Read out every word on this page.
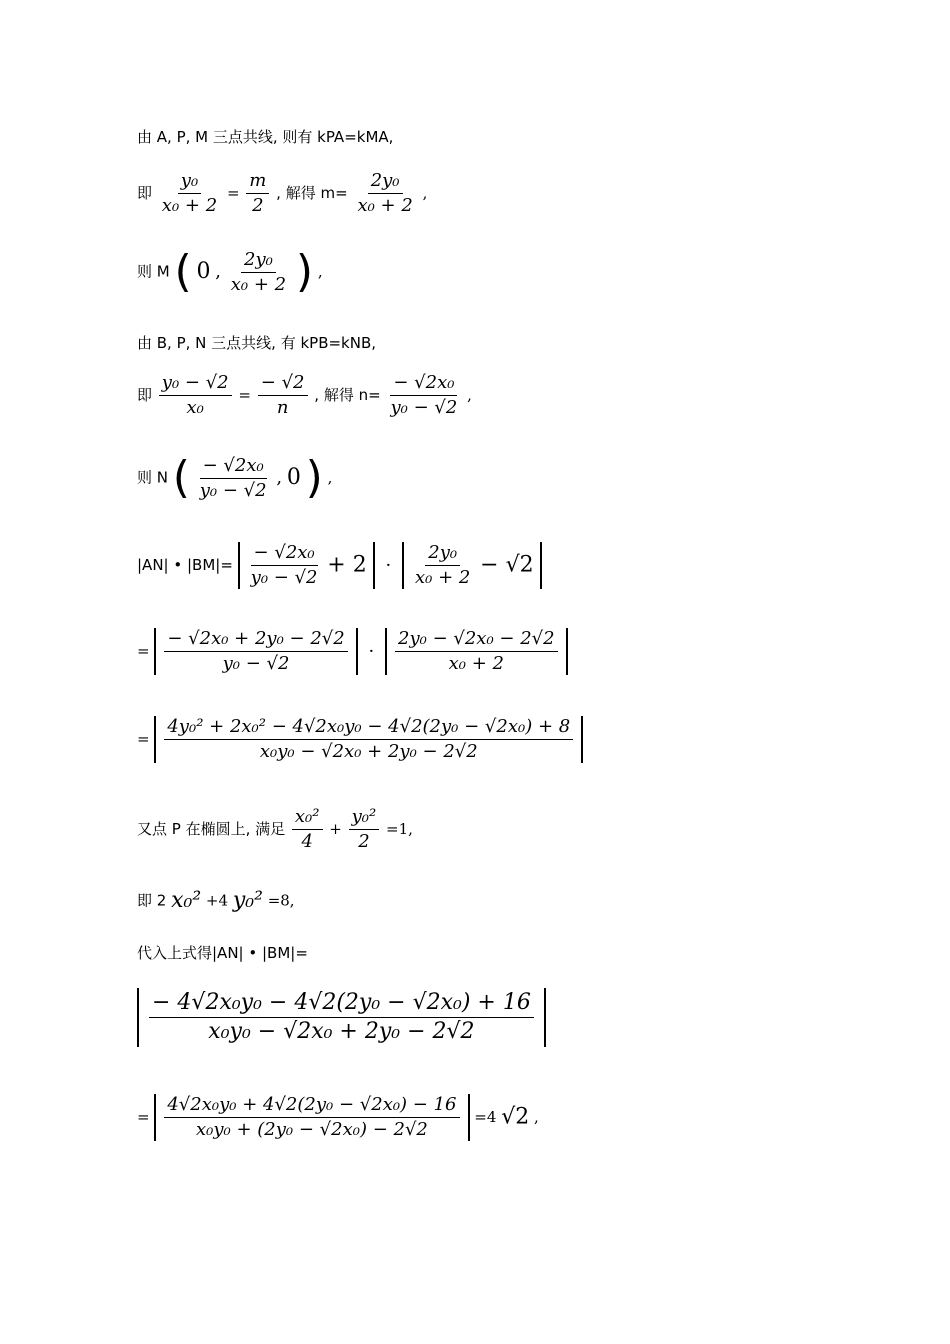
由 A, P, M 三点共线, 则有 kPA=kMA,
即 $\frac{\text{y₀}}{\text{x₀ + 2}} = \frac{m}{2}$ , 解得 $m= \frac{\text{2y₀}}{\text{x₀ + 2}}$ ,
则 M ( 0 , $\frac{\text{2y₀}}{\text{x₀ + 2}}$ ) ,
由 B, P, N 三点共线, 有 kPB=kNB,
即 $\frac{\text{y₀ − √2}}{\text{x₀}} = \frac{- √2}{n}$ , 解得 $n= \frac{\text{− √2x₀}}{\text{y₀ − √2}}$ ,
则 N ( $\frac{\text{− √2x₀}}{\text{y₀ − √2}}$ , 0 ) ,
|AN| • $|BM|= \frac{\text{− √2x₀}}{\text{y₀ − √2}} + 2 \cdot \frac{\text{2y₀}}{\text{x₀ + 2}} - √2$
= $\frac{\text{− √2x₀ + 2y₀ − 2√2}}{\text{y₀ − √2}} \cdot \frac{\text{2y₀ − √2x₀ − 2√2}}{\text{x₀ + 2}}$
= $\frac{\text{4y₀² + 2x₀² − 4√2x₀y₀ − 4√2(2y₀ − √2x₀) + 8}}{\text{x₀y₀ − √2x₀ + 2y₀ − 2√2}}$
又点 P 在椭圆上, 满足 $\frac{\text{x₀²}}{4} + \frac{\text{y₀²}}{2} =1$,
即 2 x₀² +4 y₀² =8,
代入上式得|AN| • |BM|=
$\frac{\text{− 4√2x₀y₀ − 4√2(2y₀ − √2x₀) + 16}}{\text{x₀y₀ − √2x₀ + 2y₀ − 2√2}}$
= $\frac{\text{4√2x₀y₀ + 4√2(2y₀ − √2x₀) − 16}}{\text{x₀y₀ + (2y₀ − √2x₀) − 2√2}} =4$ √2 ,
